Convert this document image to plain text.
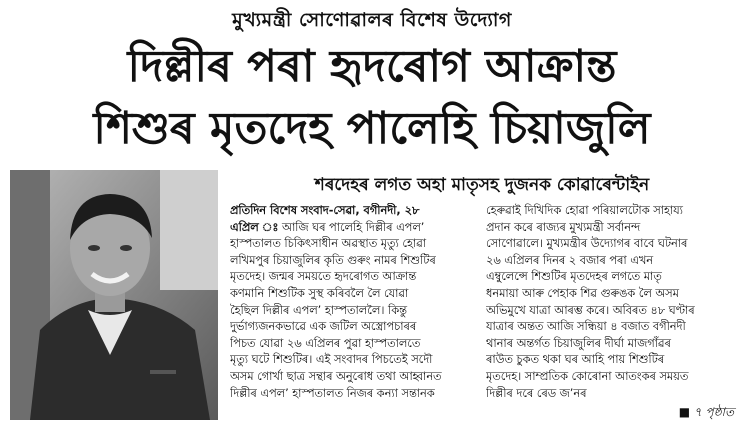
মুখ্যমন্ত্ৰী সোণোৱালৰ বিশেষ উদ্যোগ
দিল্লীৰ পৰা হৃদৰোগ আক্ৰান্ত
শিশুৰ মৃতদেহ পালেহি চিয়াজুলি
শৰদেহৰ লগত অহা মাতৃসহ দুজনক কোৱাৰেন্টাইন
প্ৰতিদিন বিশেষ সংবাদ-সেৱা, বগীনদী, ২৮
এপ্ৰিল ঃ আজি ঘৰ পালেহি দিল্লীৰ এপল’
হাস্পতালত চিকিৎসাধীন অৱস্থাত মৃত্যু হোৱা
লখিমপুৰ চিয়াজুলিৰ কৃতি গুৰুং নামৰ শিশুটিৰ
মৃতদেহ। জন্মৰ সময়তে হৃদৰোগত আক্ৰান্ত
কণমানি শিশুটিক সুস্থ কৰিবলৈ লৈ যোৱা
হৈছিল দিল্লীৰ এপল’ হাস্পতাললৈ। কিন্তু
দুৰ্ভাগ্যজনকভাৱে এক জটিল অস্ত্ৰোপচাৰৰ
পিচত যোৱা ২৬ এপ্ৰিলৰ পুৱা হাস্পতালতে
মৃত্যু ঘটে শিশুটিৰ। এই সংবাদৰ পিচতেই সদৌ
অসম গোৰ্খা ছাত্ৰ সন্থাৰ অনুৰোধ তথা আহ্বানত
দিল্লীৰ এপল’ হাস্পতালত নিজৰ কন্যা সন্তানক
হেৰুৱাই দিখিদিক হোৱা পৰিয়ালটোক সাহায্য
প্ৰদান কৰে ৰাজ্যৰ মুখ্যমন্ত্ৰী সৰ্বানন্দ
সোণোৱালে। মুখ্যমন্ত্ৰীৰ উদ্যোগৰ বাবে ঘটনাৰ
২৬ এপ্ৰিলৰ দিনৰ ২ বজাৰ পৰা এখন
এম্বুলেন্সে শিশুটিৰ মৃতদেহৰ লগতে মাতৃ
ধনমায়া আৰু পেহাক শিৱ গুৰুঙক লৈ অসম
অভিমুখে যাত্ৰা আৰম্ভ কৰে। অবিৰত ৪৮ ঘণ্টাৰ
যাত্ৰাৰ অন্তত আজি সন্ধিয়া ৪ বজাত বগীনদী
থানাৰ অন্তৰ্গত চিয়াজুলিৰ দীৰ্ঘা মাজগাঁৱৰ
ৰাউত চুকত থকা ঘৰ আহি পায় শিশুটিৰ
মৃতদেহ। সাম্প্ৰতিক কোৰোনা আতংকৰ সময়ত
দিল্লীৰ দৰে ৰেড জ’নৰ
■ ৭ পৃষ্ঠাত
